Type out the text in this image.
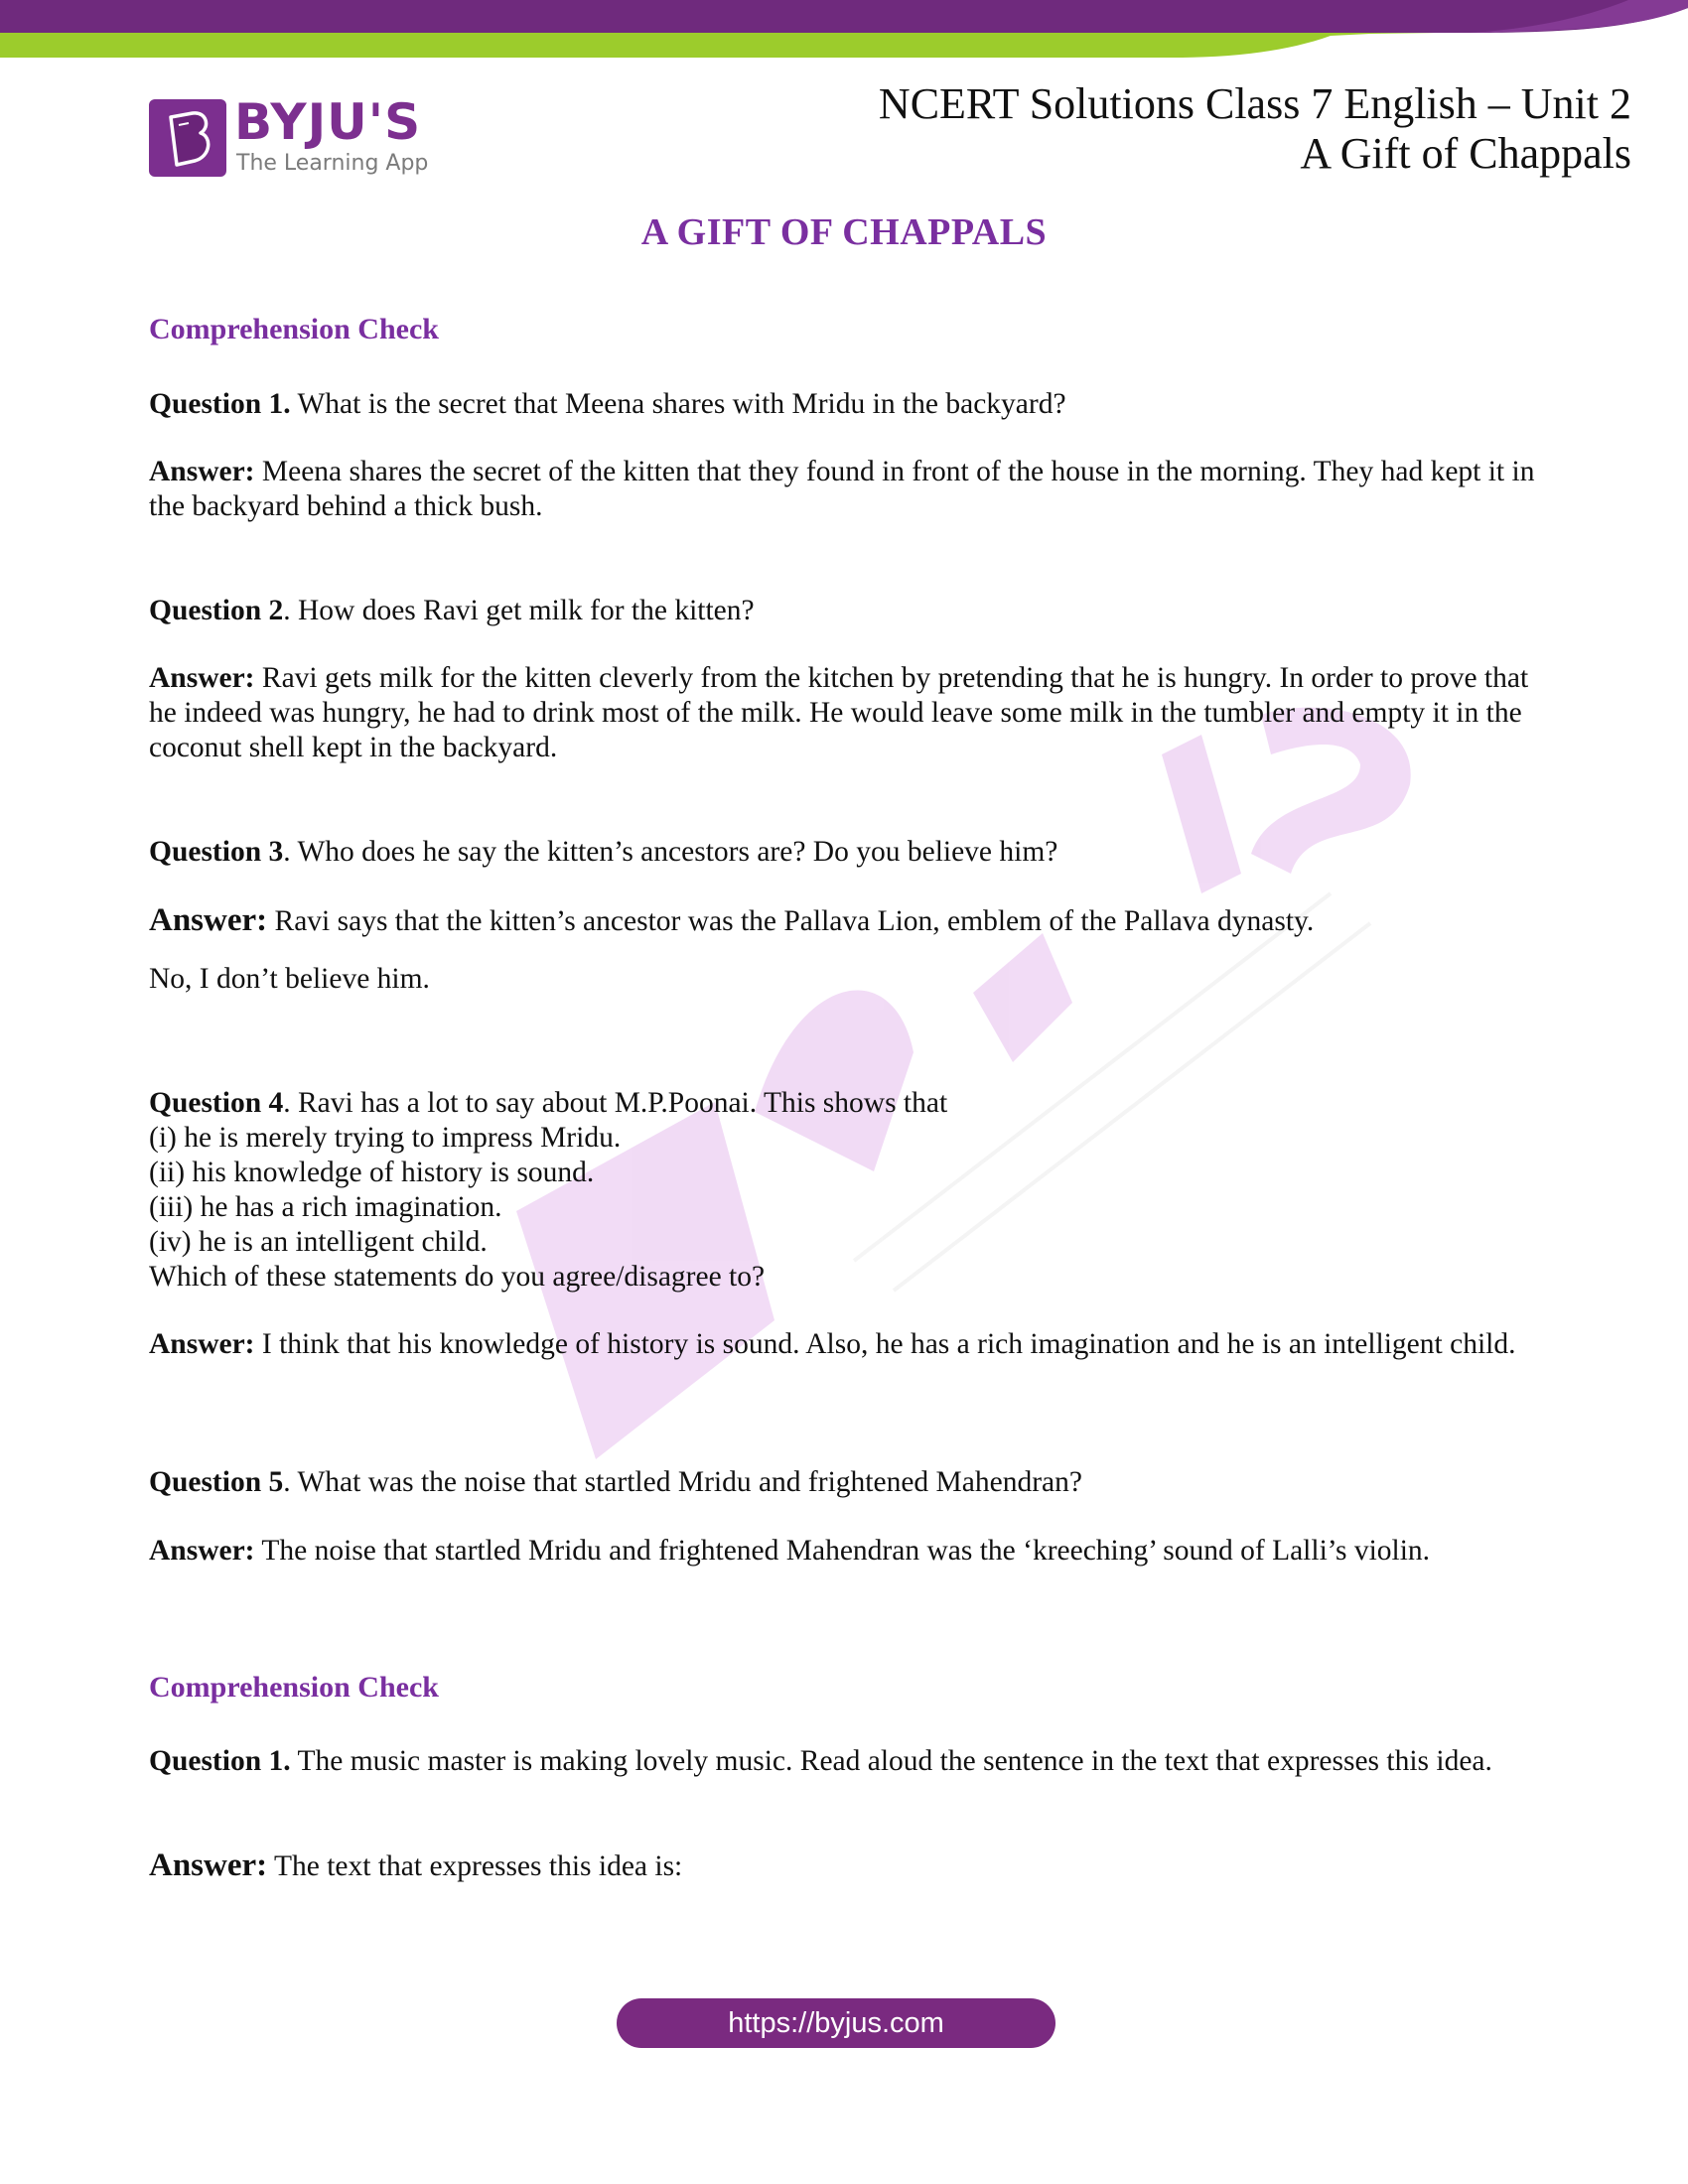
BYJU'S
The Learning App
NCERT Solutions Class 7 English – Unit 2
A Gift of Chappals
A GIFT OF CHAPPALS
Comprehension Check
Question 1. What is the secret that Meena shares with Mridu in the backyard?
Answer: Meena shares the secret of the kitten that they found in front of the house in the morning. They had kept it in the backyard behind a thick bush.
Question 2. How does Ravi get milk for the kitten?
Answer: Ravi gets milk for the kitten cleverly from the kitchen by pretending that he is hungry. In order to prove that he indeed was hungry, he had to drink most of the milk. He would leave some milk in the tumbler and empty it in the coconut shell kept in the backyard.
Question 3. Who does he say the kitten’s ancestors are? Do you believe him?
Answer: Ravi says that the kitten’s ancestor was the Pallava Lion, emblem of the Pallava dynasty.
No, I don’t believe him.
Question 4. Ravi has a lot to say about M.P.Poonai. This shows that
(i) he is merely trying to impress Mridu.
(ii) his knowledge of history is sound.
(iii) he has a rich imagination.
(iv) he is an intelligent child.
Which of these statements do you agree/disagree to?
Answer: I think that his knowledge of history is sound. Also, he has a rich imagination and he is an intelligent child.
Question 5. What was the noise that startled Mridu and frightened Mahendran?
Answer: The noise that startled Mridu and frightened Mahendran was the ‘kreeching’ sound of Lalli’s violin.
Comprehension Check
Question 1. The music master is making lovely music. Read aloud the sentence in the text that expresses this idea.
Answer: The text that expresses this idea is:
https://byjus.com
